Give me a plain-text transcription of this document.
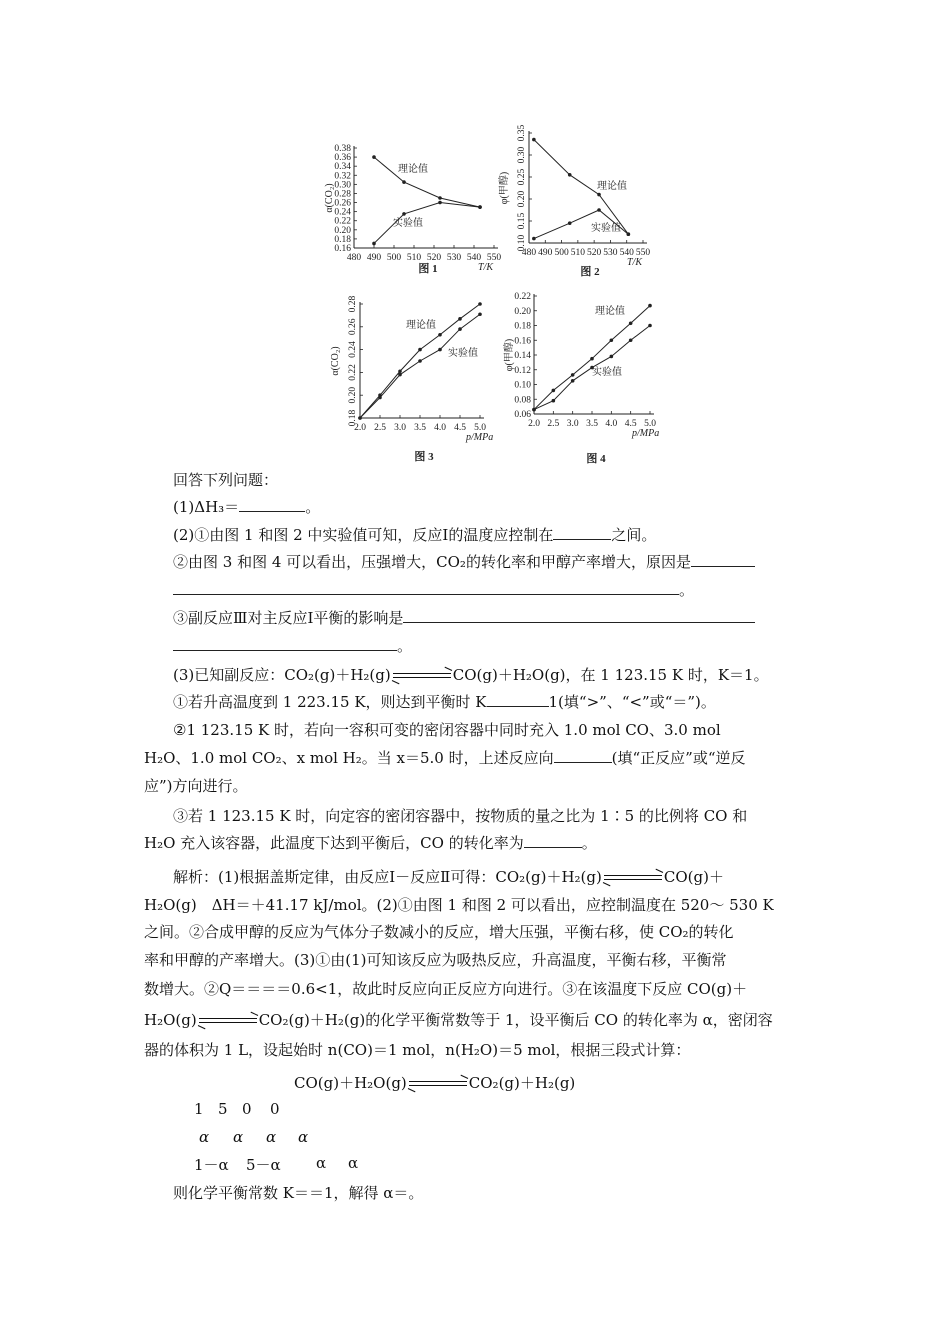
0.16
0.18
0.20
0.22
0.24
0.26
0.28
0.30
0.32
0.34
0.36
0.38
480 490 500 510 520 530 540 550
α(CO₂)
T/K
理论值
实验值
图 1
0.10
0.15
0.20
0.25
0.30
0.35
480 490 500 510 520 530 540 550
φ(甲醇)
T/K
理论值
实验值
图 2
0.18
0.20
0.22
0.24
0.26
0.28
2.0 2.5 3.0 3.5 4.0 4.5 5.0
α(CO₂)
p/MPa
理论值
实验值
图 3
0.06
0.08
0.10
0.12
0.14
0.16
0.18
0.20
0.22
2.0 2.5 3.0 3.5 4.0 4.5 5.0
φ(甲醇)
p/MPa
理论值
实验值
图 4
回答下列问题：
(1)ΔH₃＝	。
(2)①由图 1 和图 2 中实验值可知，反应Ⅰ的温度应控制在	之间。
②由图 3 和图 4 可以看出，压强增大，CO₂的转化率和甲醇产率增大，原因是
。
③副反应Ⅲ对主反应Ⅰ平衡的影响是
。
(3)已知副反应：CO₂(g)＋H₂(g)	CO(g)＋H₂O(g)，在 1 123.15 K 时，K＝1。
①若升高温度到 1 223.15 K，则达到平衡时 K	1(填“>”、“<”或“＝”)。
②1 123.15 K 时，若向一容积可变的密闭容器中同时充入 1.0 mol CO、3.0 mol
H₂O、1.0 mol CO₂、x mol H₂。当 x＝5.0 时，上述反应向	(填“正反应”或“逆反
应”)方向进行。
③若 1 123.15 K 时，向定容的密闭容器中，按物质的量之比为 1∶5 的比例将 CO 和
H₂O 充入该容器，此温度下达到平衡后，CO 的转化率为	。
解析：(1)根据盖斯定律，由反应Ⅰ－反应Ⅱ可得：CO₂(g)＋H₂(g)	CO(g)＋
H₂O(g)　ΔH＝＋41.17 kJ/mol。(2)①由图 1 和图 2 可以看出，应控制温度在 520～ 530 K
之间。②合成甲醇的反应为气体分子数减小的反应，增大压强，平衡右移，使 CO₂的转化
率和甲醇的产率增大。(3)①由(1)可知该反应为吸热反应，升高温度，平衡右移，平衡常
数增大。②Q＝＝＝＝0.6<1，故此时反应向正反应方向进行。③在该温度下反应 CO(g)＋
H₂O(g)	CO₂(g)＋H₂(g)的化学平衡常数等于 1，设平衡后 CO 的转化率为 α，密闭容
器的体积为 1 L，设起始时 n(CO)＝1 mol，n(H₂O)＝5 mol，根据三段式计算：
CO(g)＋H₂O(g)	CO₂(g)＋H₂(g)
1 5 0 0
α α α α
1－α 5－α α α
则化学平衡常数 K＝＝1，解得 α＝。
